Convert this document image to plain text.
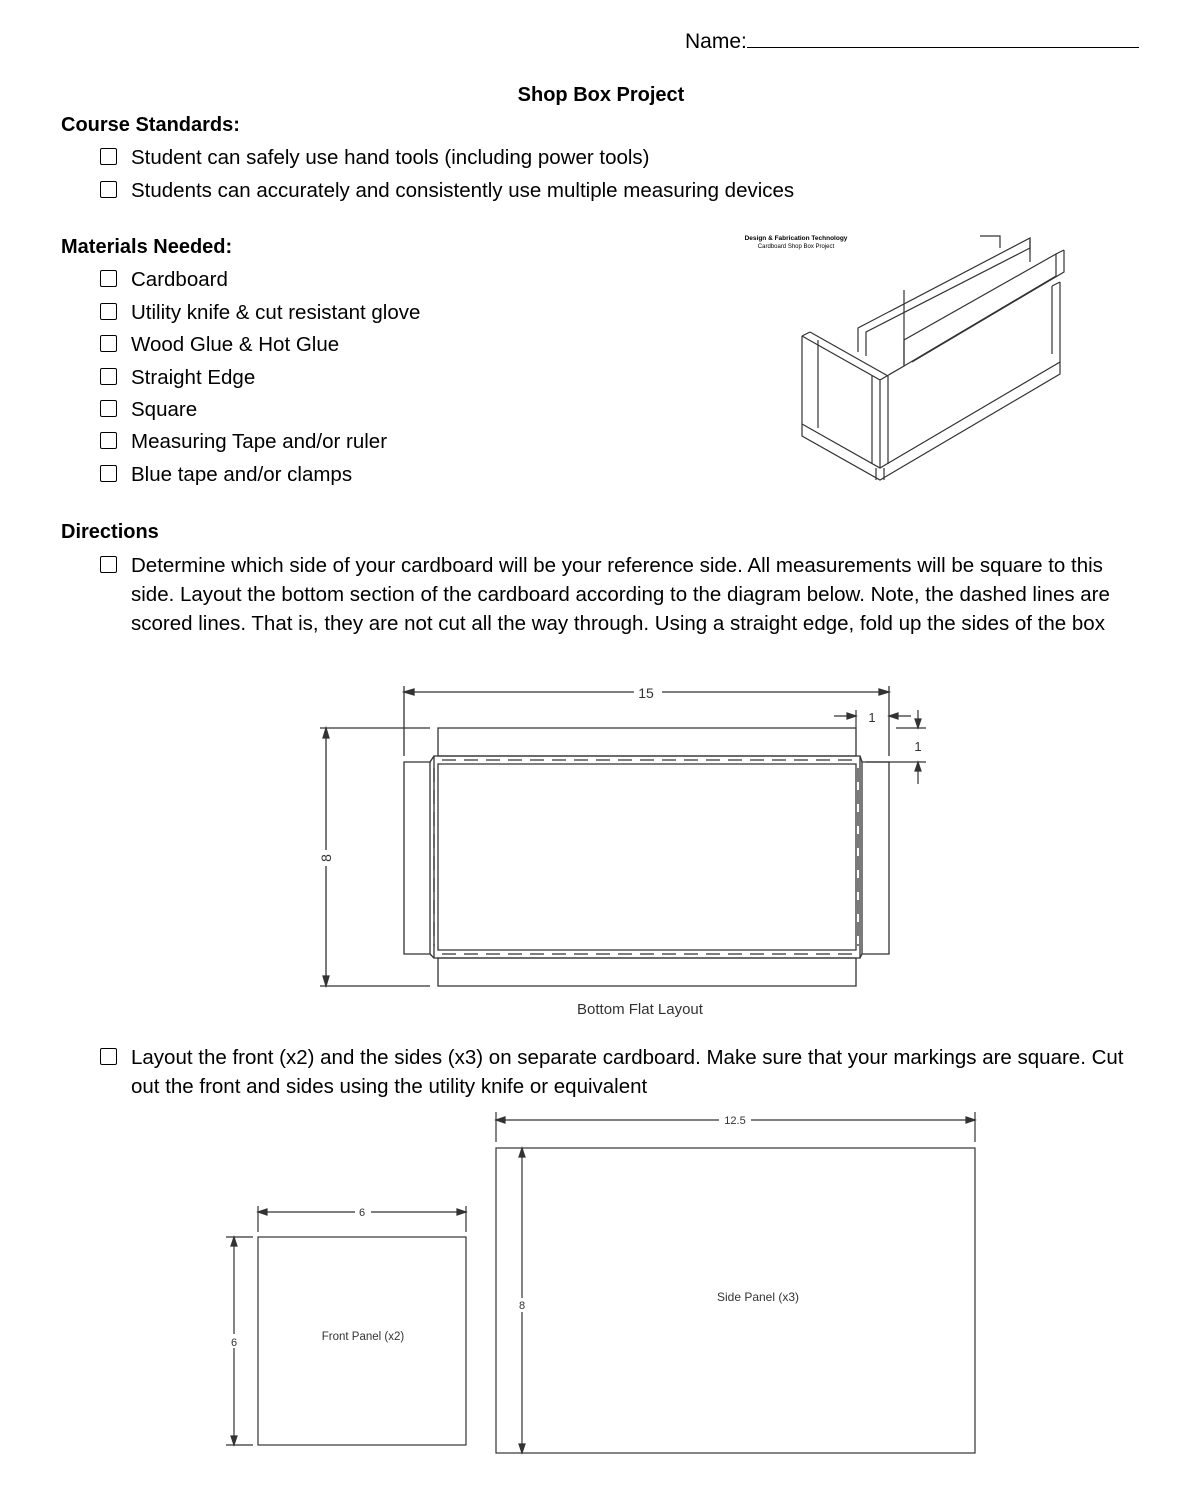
Name:
Shop Box Project
Course Standards:
Student can safely use hand tools (including power tools)
Students can accurately and consistently use multiple measuring devices
Materials Needed:
Cardboard
Utility knife & cut resistant glove
Wood Glue & Hot Glue
Straight Edge
Square
Measuring Tape and/or ruler
Blue tape and/or clamps
Design & Fabrication Technology
Cardboard Shop Box Project
Directions
Determine which side of your cardboard will be your reference side. All measurements will be square to this side. Layout the bottom section of the cardboard according to the diagram below. Note, the dashed lines are scored lines. That is, they are not cut all the way through. Using a straight edge, fold up the sides of the box
15
8
1
1
Bottom Flat Layout
Layout the front (x2) and the sides (x3) on separate cardboard. Make sure that your markings are square. Cut out the front and sides using the utility knife or equivalent
6
6	Front Panel (x2)
12.5
8
Side Panel (x3)
